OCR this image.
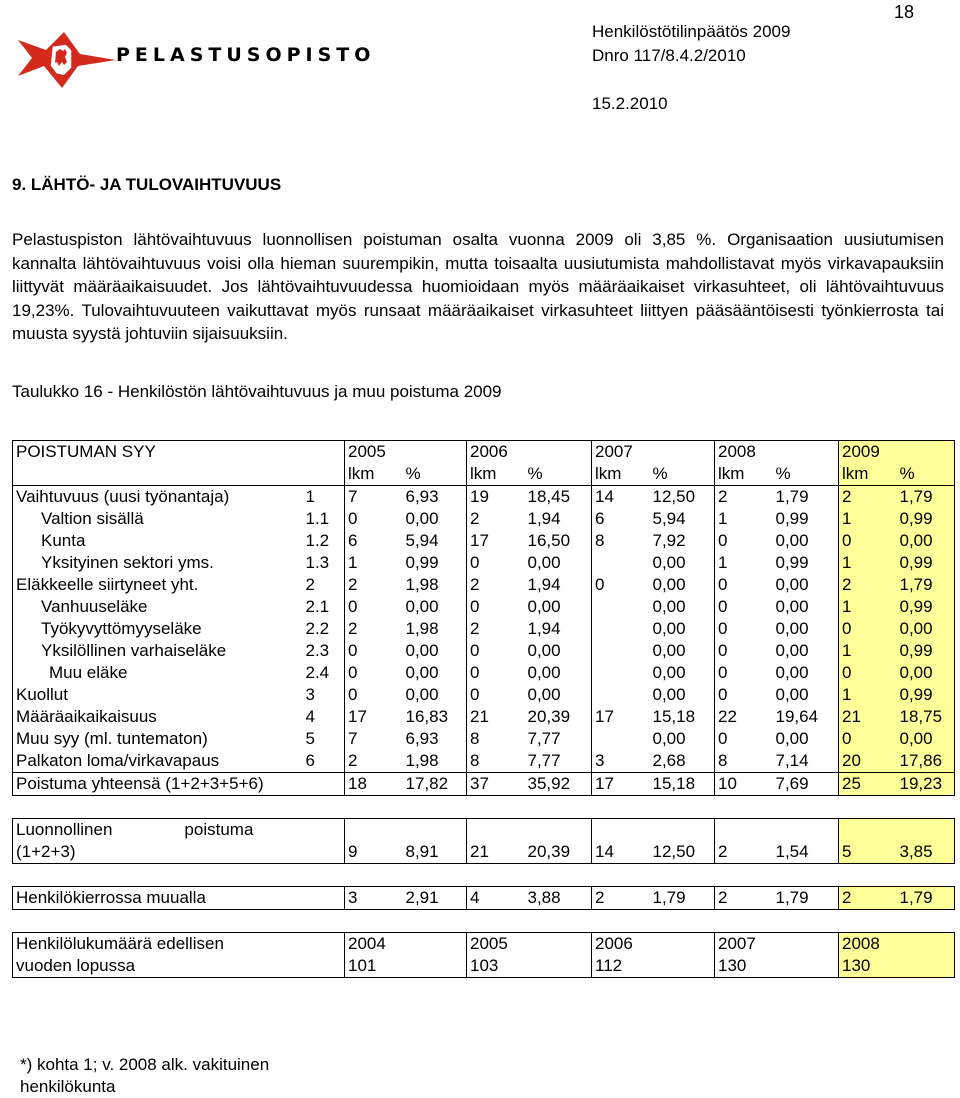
18
PELASTUSOPISTO
Henkilöstötilinpäätös 2009
Dnro 117/8.4.2/2010
15.2.2010
9. LÄHTÖ- JA TULOVAIHTUVUUS
Pelastuspiston lähtövaihtuvuus luonnollisen poistuman osalta vuonna 2009 oli 3,85 %. Organisaation uusiutumisen kannalta lähtövaihtuvuus voisi olla hieman suurempikin, mutta toisaalta uusiutumista mahdollistavat myös virkavapauksiin liittyvät määräaikaisuudet. Jos lähtövaihtuvuudessa huomioidaan myös määräaikaiset virkasuhteet, oli lähtövaihtuvuus 19,23%. Tulovaihtuvuuteen vaikuttavat myös runsaat määräaikaiset virkasuhteet liittyen pääsääntöisesti työnkierrosta tai muusta syystä johtuviin sijaisuuksiin.
Taulukko 16 - Henkilöstön lähtövaihtuvuus ja muu poistuma 2009
POISTUMAN SYY		2005		2006		2007		2008		2009	
		lkm	%	lkm	%	lkm	%	lkm	%	lkm	%
Vaihtuvuus (uusi työnantaja)	1	7	6,93	19	18,45	14	12,50	2	1,79	2	1,79
Valtion sisällä	1.1	0	0,00	2	1,94	6	5,94	1	0,99	1	0,99
Kunta	1.2	6	5,94	17	16,50	8	7,92	0	0,00	0	0,00
Yksityinen sektori yms.	1.3	1	0,99	0	0,00		0,00	1	0,99	1	0,99
Eläkkeelle siirtyneet yht.	2	2	1,98	2	1,94	0	0,00	0	0,00	2	1,79
Vanhuuseläke	2.1	0	0,00	0	0,00		0,00	0	0,00	1	0,99
Työkyvyttömyyseläke	2.2	2	1,98	2	1,94		0,00	0	0,00	0	0,00
Yksilöllinen varhaiseläke	2.3	0	0,00	0	0,00		0,00	0	0,00	1	0,99
Muu eläke	2.4	0	0,00	0	0,00		0,00	0	0,00	0	0,00
Kuollut	3	0	0,00	0	0,00		0,00	0	0,00	1	0,99
Määräaikaikaisuus	4	17	16,83	21	20,39	17	15,18	22	19,64	21	18,75
Muu syy (ml. tuntematon)	5	7	6,93	8	7,77		0,00	0	0,00	0	0,00
Palkaton loma/virkavapaus	6	2	1,98	8	7,77	3	2,68	8	7,14	20	17,86
Poistuma yhteensä (1+2+3+5+6)		18	17,82	37	35,92	17	15,18	10	7,69	25	19,23

Luonnollinen poistuma											
(1+2+3)		9	8,91	21	20,39	14	12,50	2	1,54	5	3,85

Henkilökierrossa muualla		3	2,91	4	3,88	2	1,79	2	1,79	2	1,79

Henkilölukumäärä edellisen		2004		2005		2006		2007		2008	
vuoden lopussa		101		103		112		130		130	
*) kohta 1; v. 2008 alk. vakituinen
henkilökunta
